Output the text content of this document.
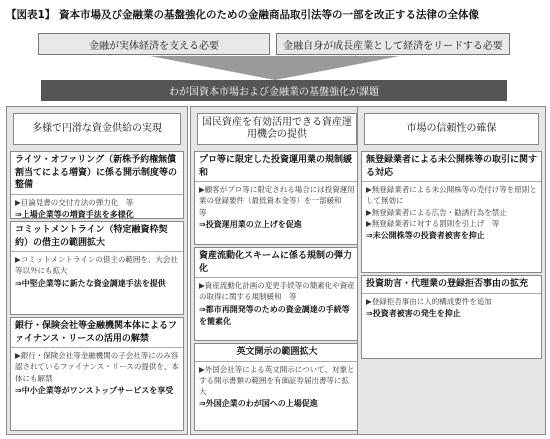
【図表1】 資本市場及び金融業の基盤強化のための金融商品取引法等の一部を改正する法律の全体像
金融が実体経済を支える必要	金融自身が成長産業として経済をリードする必要
わが国資本市場および金融業の基盤強化が課題
多様で円滑な資金供給の実現
ライツ・オファリング（新株予約権無償割当てによる増資）に係る開示制度等の整備

▶目論見書の交付方法の弾力化　等

⇒上場企業等の増資手法を多様化

コミットメントライン（特定融資枠契約）の借主の範囲拡大

▶コミットメントラインの借主の範囲を、大会社等以外にも拡大

⇒中堅企業等に新たな資金調達手法を提供

銀行・保険会社等金融機関本体によるファイナンス・リースの活用の解禁

▶銀行・保険会社等金融機関の子会社等にのみ容認されているファイナンス・リースの提供を、本体にも解禁

⇒中小企業等がワンストップサービスを享受

国民資産を有効活用できる資産運用機会の提供
プロ等に限定した投資運用業の規制緩和

▶顧客がプロ等に限定される場合には投資運用業の登録要件（最低資本金等）を一部緩和　等

⇒投資運用業の立上げを促進

資産流動化スキームに係る規制の弾力化

▶資産流動化計画の変更手続等の簡素化や資産の取得に関する規制緩和　等

⇒都市再開発等のための資金調達の手続等を簡素化

英文開示の範囲拡大

▶外国会社等による英文開示について、対象とする開示書類の範囲を有価証券届出書等に拡大

⇒外国企業のわが国への上場促進

市場の信頼性の確保
無登録業者による未公開株等の取引に関する対応

▶無登録業者による未公開株等の売付け等を原則として無効に

▶無登録業者による広告・勧誘行為を禁止

▶無登録業者に対する罰則を引上げ　等

⇒未公開株等の投資者被害を抑止

投資助言・代理業の登録拒否事由の拡充

▶登録拒否事由に人的構成要件を追加

⇒投資者被害の発生を抑止
